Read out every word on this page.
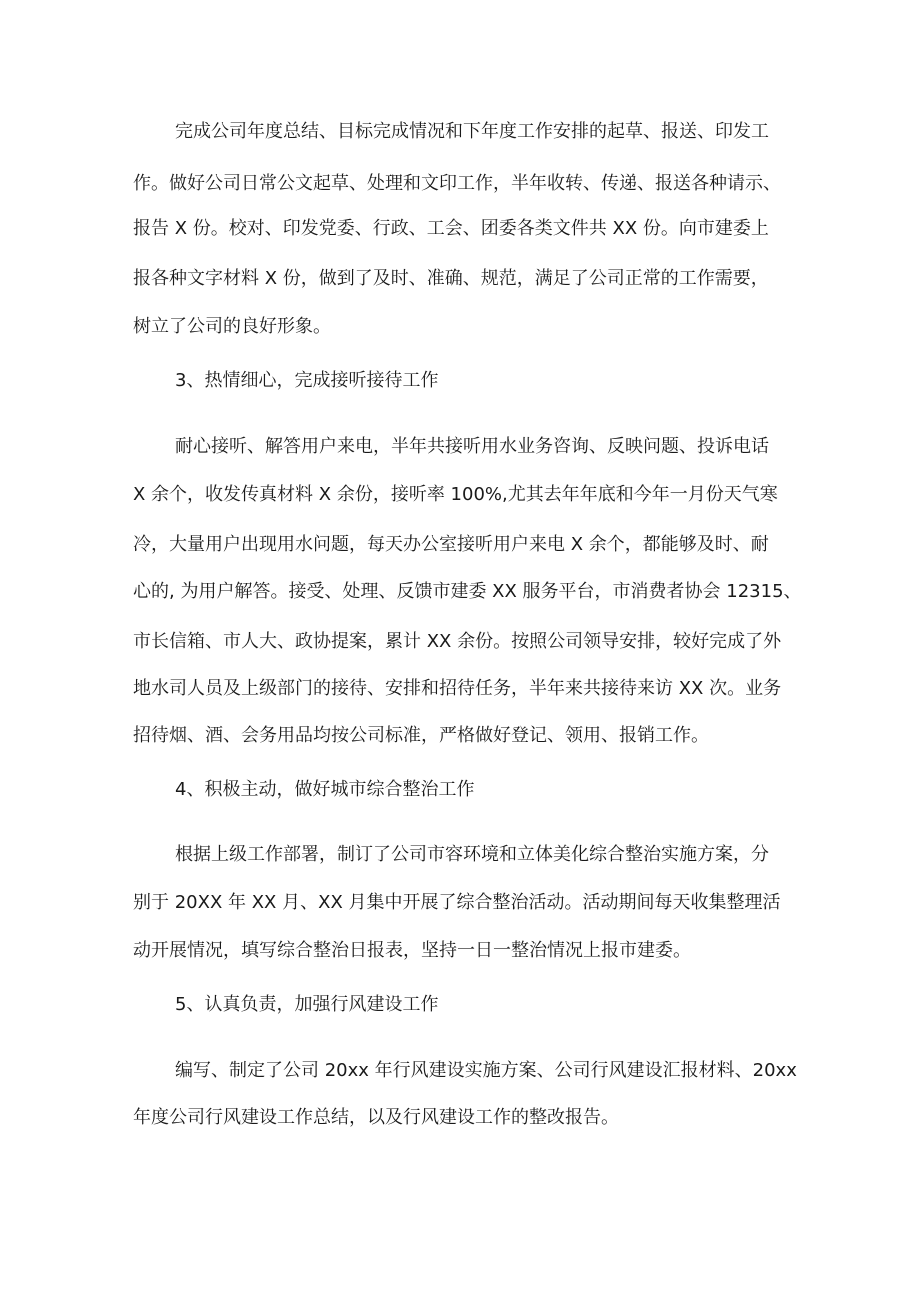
完成公司年度总结、目标完成情况和下年度工作安排的起草、报送、印发工

作。做好公司日常公文起草、处理和文印工作，半年收转、传递、报送各种请示、

报告 X 份。校对、印发党委、行政、工会、团委各类文件共 XX 份。向市建委上

报各种文字材料 X 份，做到了及时、准确、规范，满足了公司正常的工作需要，

树立了公司的良好形象。

3、热情细心，完成接听接待工作

耐心接听、解答用户来电，半年共接听用水业务咨询、反映问题、投诉电话

X 余个，收发传真材料 X 余份，接听率 100%,尤其去年年底和今年一月份天气寒

冷，大量用户出现用水问题，每天办公室接听用户来电 X 余个，都能够及时、耐

心的, 为用户解答。接受、处理、反馈市建委 XX 服务平台，市消费者协会 12315、

市长信箱、市人大、政协提案，累计 XX 余份。按照公司领导安排，较好完成了外

地水司人员及上级部门的接待、安排和招待任务，半年来共接待来访 XX 次。业务

招待烟、酒、会务用品均按公司标准，严格做好登记、领用、报销工作。

4、积极主动，做好城市综合整治工作

根据上级工作部署，制订了公司市容环境和立体美化综合整治实施方案，分

别于 20XX 年 XX 月、XX 月集中开展了综合整治活动。活动期间每天收集整理活

动开展情况，填写综合整治日报表，坚持一日一整治情况上报市建委。

5、认真负责，加强行风建设工作

编写、制定了公司 20xx 年行风建设实施方案、公司行风建设汇报材料、20xx

年度公司行风建设工作总结，以及行风建设工作的整改报告。
